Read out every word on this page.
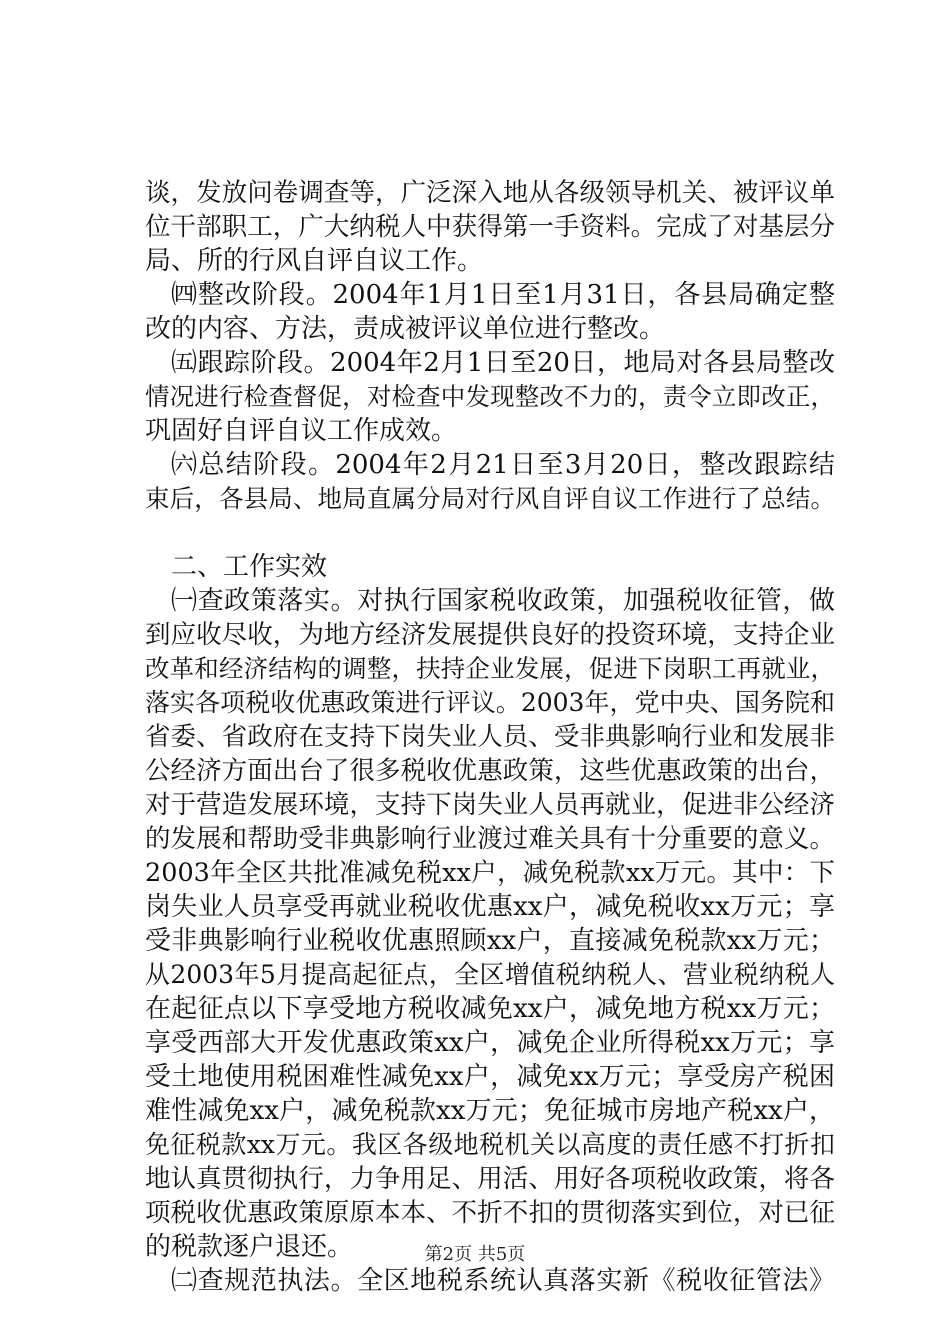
谈，发放问卷调查等，广泛深入地从各级领导机关、被评议单
位干部职工，广大纳税人中获得第一手资料。完成了对基层分
局、所的行风自评自议工作。
㈣整改阶段。2004年1月1日至1月31日，各县局确定整
改的内容、方法，责成被评议单位进行整改。
㈤跟踪阶段。2004年2月1日至20日，地局对各县局整改
情况进行检查督促，对检查中发现整改不力的，责令立即改正，
巩固好自评自议工作成效。
㈥总结阶段。2004年2月21日至3月20日，整改跟踪结
束后，各县局、地局直属分局对行风自评自议工作进行了总结。
二、工作实效
㈠查政策落实。对执行国家税收政策，加强税收征管，做
到应收尽收，为地方经济发展提供良好的投资环境，支持企业
改革和经济结构的调整，扶持企业发展，促进下岗职工再就业，
落实各项税收优惠政策进行评议。2003年，党中央、国务院和
省委、省政府在支持下岗失业人员、受非典影响行业和发展非
公经济方面出台了很多税收优惠政策，这些优惠政策的出台，
对于营造发展环境，支持下岗失业人员再就业，促进非公经济
的发展和帮助受非典影响行业渡过难关具有十分重要的意义。
2003年全区共批准减免税xx户，减免税款xx万元。其中：下
岗失业人员享受再就业税收优惠xx户，减免税收xx万元；享
受非典影响行业税收优惠照顾xx户，直接减免税款xx万元；
从2003年5月提高起征点，全区增值税纳税人、营业税纳税人
在起征点以下享受地方税收减免xx户，减免地方税xx万元；
享受西部大开发优惠政策xx户，减免企业所得税xx万元；享
受土地使用税困难性减免xx户，减免xx万元；享受房产税困
难性减免xx户，减免税款xx万元；免征城市房地产税xx户，
免征税款xx万元。我区各级地税机关以高度的责任感不打折扣
地认真贯彻执行，力争用足、用活、用好各项税收政策，将各
项税收优惠政策原原本本、不折不扣的贯彻落实到位，对已征
的税款逐户退还。
㈡查规范执法。全区地税系统认真落实新《税收征管法》
第2页 共5页
